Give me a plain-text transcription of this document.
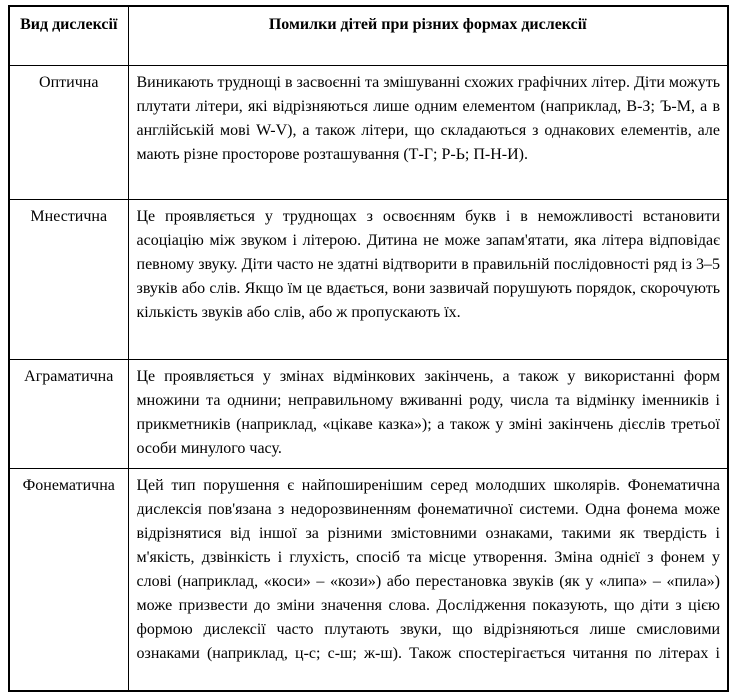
Вид дислексії	Помилки дітей при різних формах дислексії

Оптична	Виникають труднощі в засвоєнні та змішуванні схожих графічних літер. Діти можуть плутати літери, які відрізняються лише одним елементом (наприклад, В-З; Ъ-М, а в англійській мові W-V), а також літери, що складаються з однакових елементів, але мають різне просторове розташування (Т-Г; Р-Ь; П-Н-И).

Мнестична	Це проявляється у труднощах з освоєнням букв і в неможливості встановити асоціацію між звуком і літерою. Дитина не може запам'ятати, яка літера відповідає певному звуку. Діти часто не здатні відтворити в правильній послідовності ряд із 3–5 звуків або слів. Якщо їм це вдається, вони зазвичай порушують порядок, скорочують кількість звуків або слів, або ж пропускають їх.

Аграматична	Це проявляється у змінах відмінкових закінчень, а також у використанні форм множини та однини; неправильному вживанні роду, числа та відмінку іменників і прикметників (наприклад, «цікаве казка»); а також у зміні закінчень дієслів третьої особи минулого часу.

Фонематична	Цей тип порушення є найпоширенішим серед молодших школярів. Фонематична дислексія пов'язана з недорозвиненням фонематичної системи. Одна фонема може відрізнятися від іншої за різними змістовними ознаками, такими як твердість і м'якість, дзвінкість і глухість, спосіб та місце утворення. Зміна однієї з фонем у слові (наприклад, «коси» – «кози») або перестановка звуків (як у «липа» – «пила») може призвести до зміни значення слова. Дослідження показують, що діти з цією формою дислексії часто плутають звуки, що відрізняються лише смисловими ознаками (наприклад, ц-с; с-ш; ж-ш). Також спостерігається читання по літерах і
